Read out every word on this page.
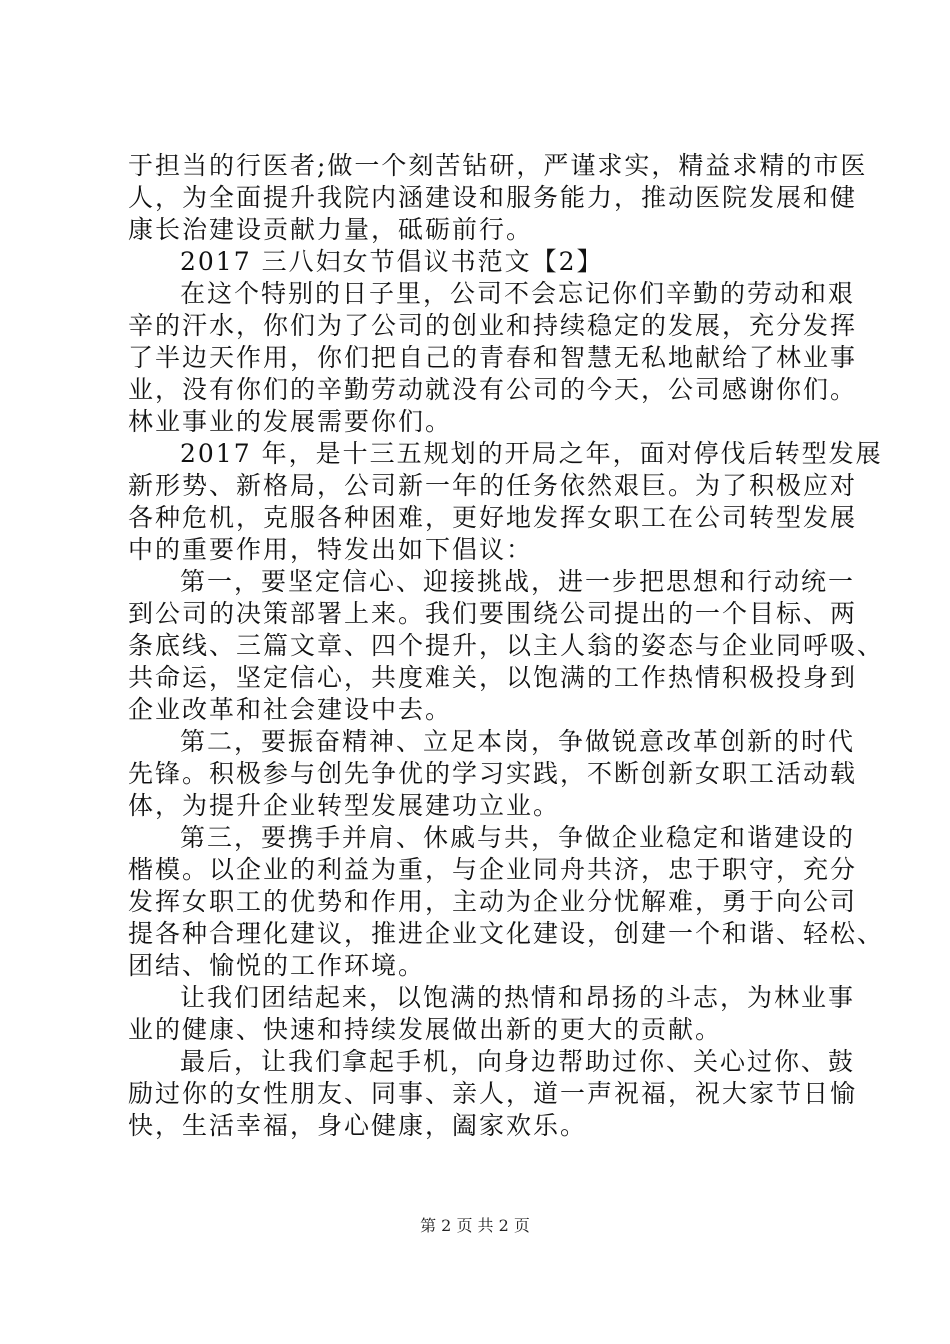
于担当的行医者;做一个刻苦钻研，严谨求实，精益求精的市医
人，为全面提升我院内涵建设和服务能力，推动医院发展和健
康长治建设贡献力量，砥砺前行。
2017 三八妇女节倡议书范文【2】
在这个特别的日子里，公司不会忘记你们辛勤的劳动和艰
辛的汗水，你们为了公司的创业和持续稳定的发展，充分发挥
了半边天作用，你们把自己的青春和智慧无私地献给了林业事
业，没有你们的辛勤劳动就没有公司的今天，公司感谢你们。
林业事业的发展需要你们。
2017 年，是十三五规划的开局之年，面对停伐后转型发展
新形势、新格局，公司新一年的任务依然艰巨。为了积极应对
各种危机，克服各种困难，更好地发挥女职工在公司转型发展
中的重要作用，特发出如下倡议：
第一，要坚定信心、迎接挑战，进一步把思想和行动统一
到公司的决策部署上来。我们要围绕公司提出的一个目标、两
条底线、三篇文章、四个提升，以主人翁的姿态与企业同呼吸、
共命运，坚定信心，共度难关，以饱满的工作热情积极投身到
企业改革和社会建设中去。
第二，要振奋精神、立足本岗，争做锐意改革创新的时代
先锋。积极参与创先争优的学习实践，不断创新女职工活动载
体，为提升企业转型发展建功立业。
第三，要携手并肩、休戚与共，争做企业稳定和谐建设的
楷模。以企业的利益为重，与企业同舟共济，忠于职守，充分
发挥女职工的优势和作用，主动为企业分忧解难，勇于向公司
提各种合理化建议，推进企业文化建设，创建一个和谐、轻松、
团结、愉悦的工作环境。
让我们团结起来，以饱满的热情和昂扬的斗志，为林业事
业的健康、快速和持续发展做出新的更大的贡献。
最后，让我们拿起手机，向身边帮助过你、关心过你、鼓
励过你的女性朋友、同事、亲人，道一声祝福，祝大家节日愉
快，生活幸福，身心健康，阖家欢乐。
第 2 页 共 2 页
